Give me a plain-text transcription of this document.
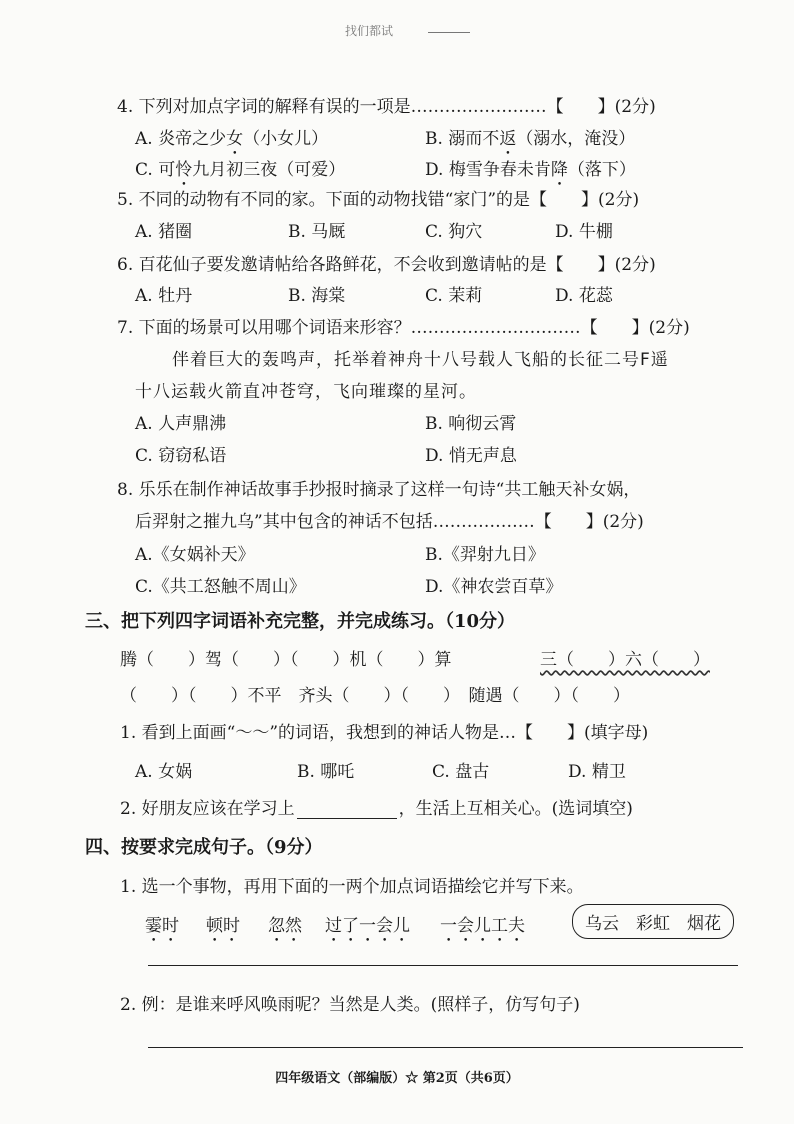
找们都试
4. 下列对加点字词的解释有误的一项是……………………【　　】(2分)
A. 炎帝之少女（小女儿）	B. 溺而不返（溺水，淹没）
C. 可怜九月初三夜（可爱）	D. 梅雪争春未肯降（落下）
5. 不同的动物有不同的家。下面的动物找错“家门”的是【　　】(2分)
A. 猪圈	B. 马厩	C. 狗穴	D. 牛棚
6. 百花仙子要发邀请帖给各路鲜花，不会收到邀请帖的是【　　】(2分)
A. 牡丹	B. 海棠	C. 茉莉	D. 花蕊
7. 下面的场景可以用哪个词语来形容？…………………………【　　】(2分)
伴着巨大的轰鸣声，托举着神舟十八号载人飞船的长征二号F遥
十八运载火箭直冲苍穹，飞向璀璨的星河。
A. 人声鼎沸	B. 响彻云霄
C. 窃窃私语	D. 悄无声息
8. 乐乐在制作神话故事手抄报时摘录了这样一句诗“共工触天补女娲，
后羿射之摧九乌”其中包含的神话不包括………………【　　】(2分)
A.《女娲补天》	B.《羿射九日》
C.《共工怒触不周山》	D.《神农尝百草》
三、把下列四字词语补充完整，并完成练习。（10分）
腾（　　）驾（　　）（　　）机（　　）算	三（　　）六（　　）
（　　）（　　）不平　齐头（　　）（　　）　随遇（　　）（　　）
1. 看到上面画“～～”的词语，我想到的神话人物是…【　　】(填字母)
A. 女娲	B. 哪吒	C. 盘古	D. 精卫
2. 好朋友应该在学习上	，生活上互相关心。(选词填空)
四、按要求完成句子。（9分）
1. 选一个事物，再用下面的一两个加点词语描绘它并写下来。
霎时 顿时 忽然 过了一会儿 一会儿工夫	乌云　彩虹　烟花
2. 例：是谁来呼风唤雨呢？当然是人类。(照样子，仿写句子)
四年级语文（部编版）☆ 第2页（共6页）
